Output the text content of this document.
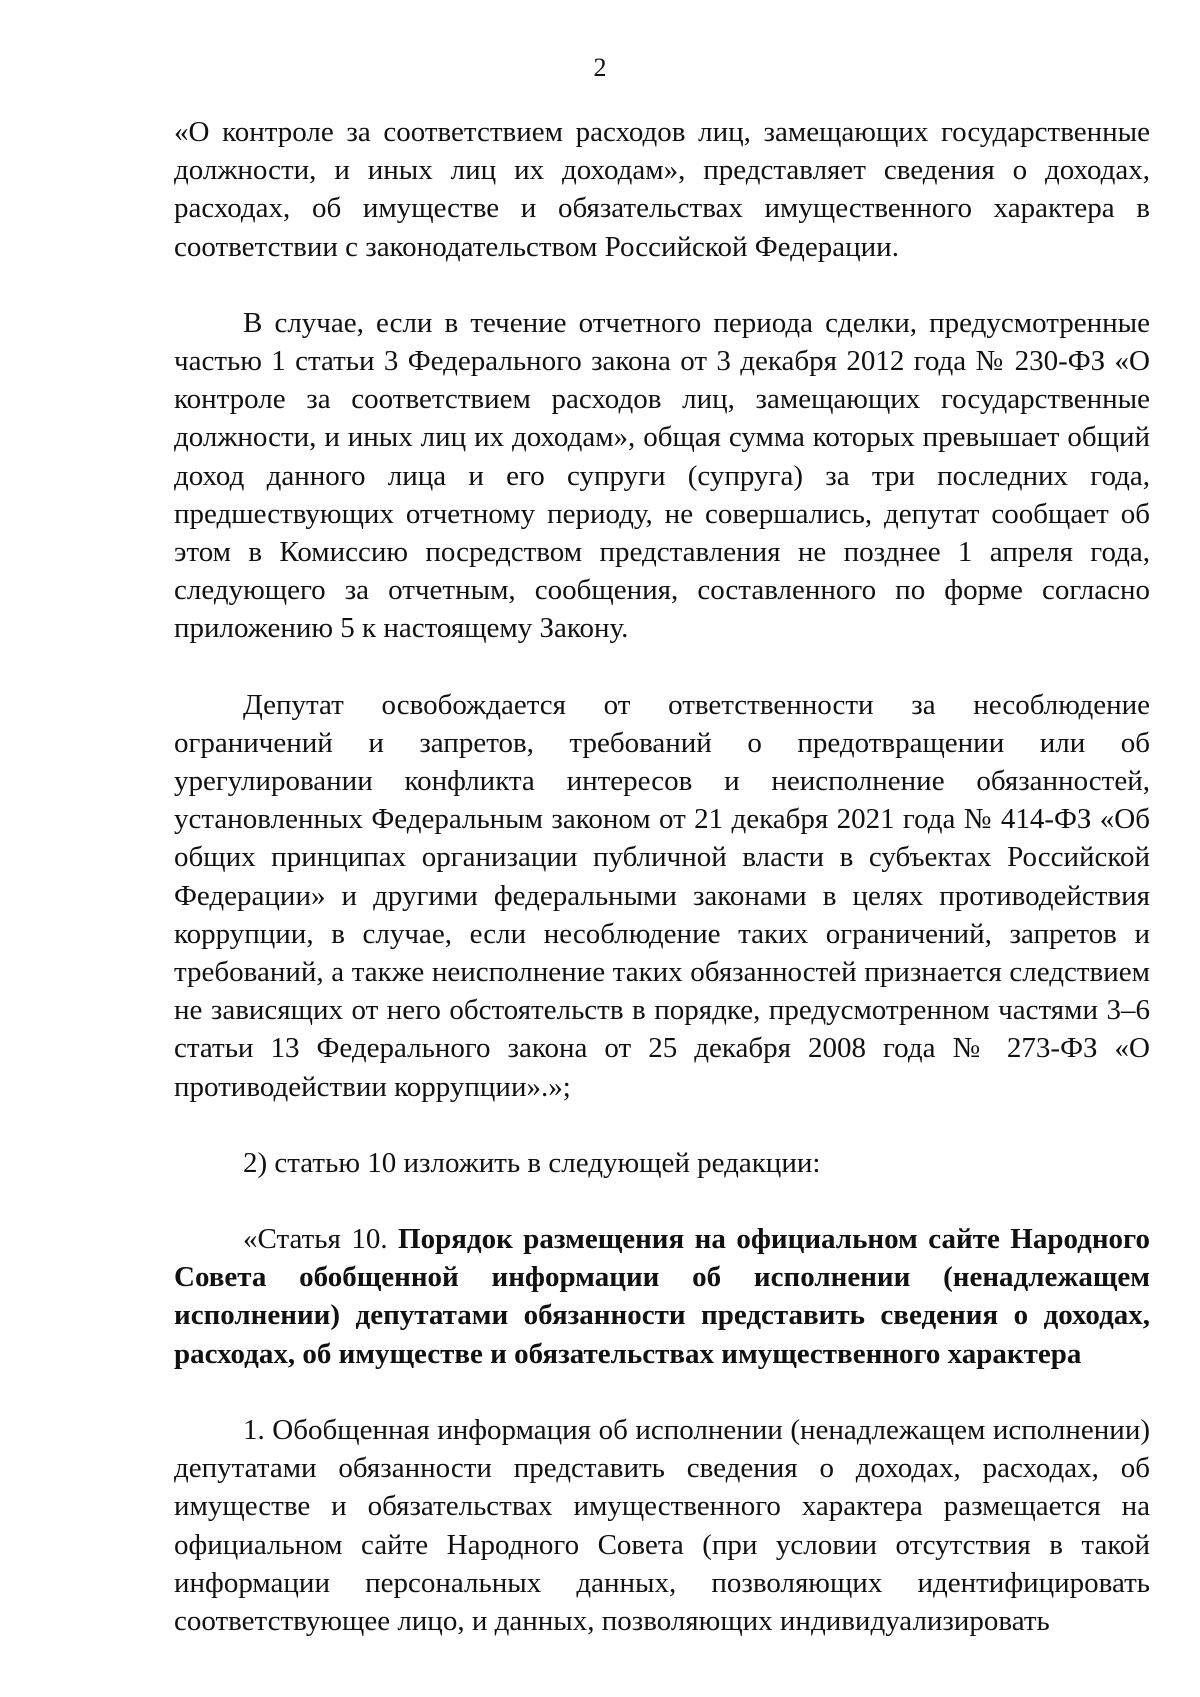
2

«О контроле за соответствием расходов лиц, замещающих государственные должности, и иных лиц их доходам», представляет сведения о доходах, расходах, об имуществе и обязательствах имущественного характера в соответствии с законодательством Российской Федерации.

В случае, если в течение отчетного периода сделки, предусмотренные частью 1 статьи 3 Федерального закона от 3 декабря 2012 года № 230-ФЗ «О контроле за соответствием расходов лиц, замещающих государственные должности, и иных лиц их доходам», общая сумма которых превышает общий доход данного лица и его супруги (супруга) за три последних года, предшествующих отчетному периоду, не совершались, депутат сообщает об этом в Комиссию посредством представления не позднее 1 апреля года, следующего за отчетным, сообщения, составленного по форме согласно приложению 5 к настоящему Закону.

Депутат освобождается от ответственности за несоблюдение ограничений и запретов, требований о предотвращении или об урегулировании конфликта интересов и неисполнение обязанностей, установленных Федеральным законом от 21 декабря 2021 года № 414-ФЗ «Об общих принципах организации публичной власти в субъектах Российской Федерации» и другими федеральными законами в целях противодействия коррупции, в случае, если несоблюдение таких ограничений, запретов и требований, а также неисполнение таких обязанностей признается следствием не зависящих от него обстоятельств в порядке, предусмотренном частями 3–6 статьи 13 Федерального закона от 25 декабря 2008 года № 273-ФЗ «О противодействии коррупции».»;

2) статью 10 изложить в следующей редакции:

«Статья 10. Порядок размещения на официальном сайте Народного Совета обобщенной информации об исполнении (ненадлежащем исполнении) депутатами обязанности представить сведения о доходах, расходах, об имуществе и обязательствах имущественного характера

1. Обобщенная информация об исполнении (ненадлежащем исполнении) депутатами обязанности представить сведения о доходах, расходах, об имуществе и обязательствах имущественного характера размещается на официальном сайте Народного Совета (при условии отсутствия в такой информации персональных данных, позволяющих идентифицировать соответствующее лицо, и данных, позволяющих индивидуализировать
